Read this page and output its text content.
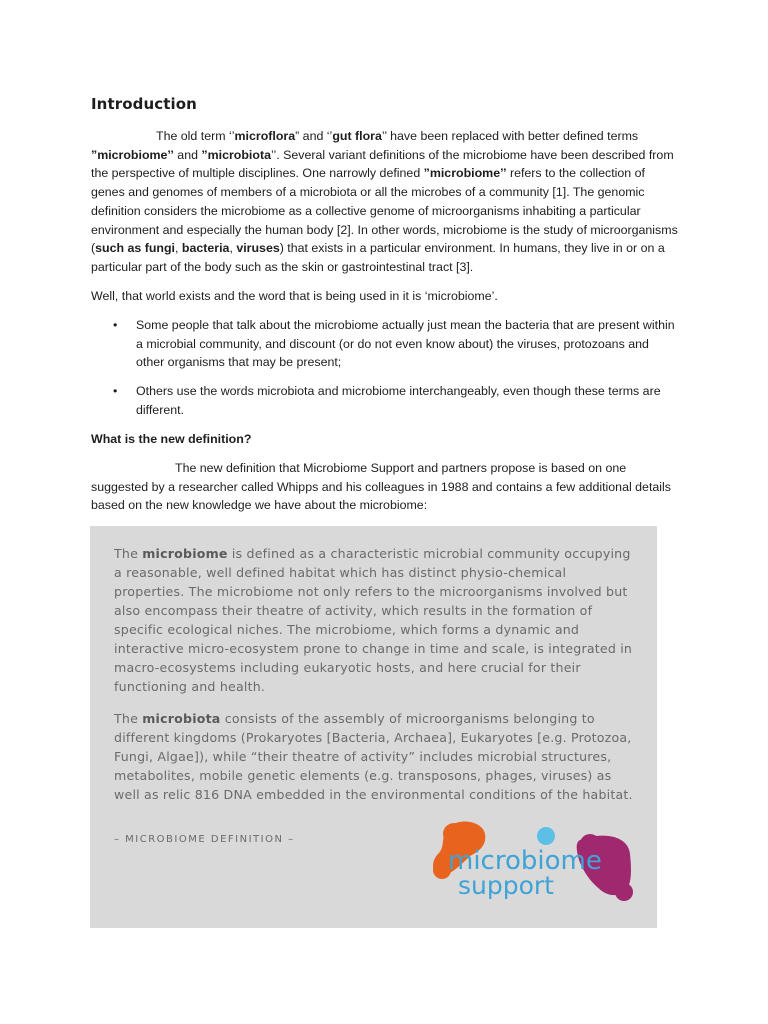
Introduction

The old term ‘’microflora” and ‘’gut flora’’ have been replaced with better defined terms ”microbiome’’ and ”microbiota’’. Several variant definitions of the microbiome have been described from the perspective of multiple disciplines. One narrowly defined ”microbiome’’ refers to the collection of genes and genomes of members of a microbiota or all the microbes of a community [1]. The genomic definition considers the microbiome as a collective genome of microorganisms inhabiting a particular environment and especially the human body [2]. In other words, microbiome is the study of microorganisms (such as fungi, bacteria, viruses) that exists in a particular environment. In humans, they live in or on a particular part of the body such as the skin or gastrointestinal tract [3].

Well, that world exists and the word that is being used in it is ‘microbiome’.

• Some people that talk about the microbiome actually just mean the bacteria that are present within a microbial community, and discount (or do not even know about) the viruses, protozoans and other organisms that may be present;
• Others use the words microbiota and microbiome interchangeably, even though these terms are different.

What is the new definition?

The new definition that Microbiome Support and partners propose is based on one suggested by a researcher called Whipps and his colleagues in 1988 and contains a few additional details based on the new knowledge we have about the microbiome:

The microbiome is defined as a characteristic microbial community occupying a reasonable, well defined habitat which has distinct physio-chemical properties. The microbiome not only refers to the microorganisms involved but also encompass their theatre of activity, which results in the formation of specific ecological niches. The microbiome, which forms a dynamic and interactive micro-ecosystem prone to change in time and scale, is integrated in macro-ecosystems including eukaryotic hosts, and here crucial for their functioning and health.

The microbiota consists of the assembly of microorganisms belonging to different kingdoms (Prokaryotes [Bacteria, Archaea], Eukaryotes [e.g. Protozoa, Fungi, Algae]), while “their theatre of activity” includes microbial structures, metabolites, mobile genetic elements (e.g. transposons, phages, viruses) as well as relic 816 DNA embedded in the environmental conditions of the habitat.

– MICROBIOME DEFINITION –

microbiome
support
